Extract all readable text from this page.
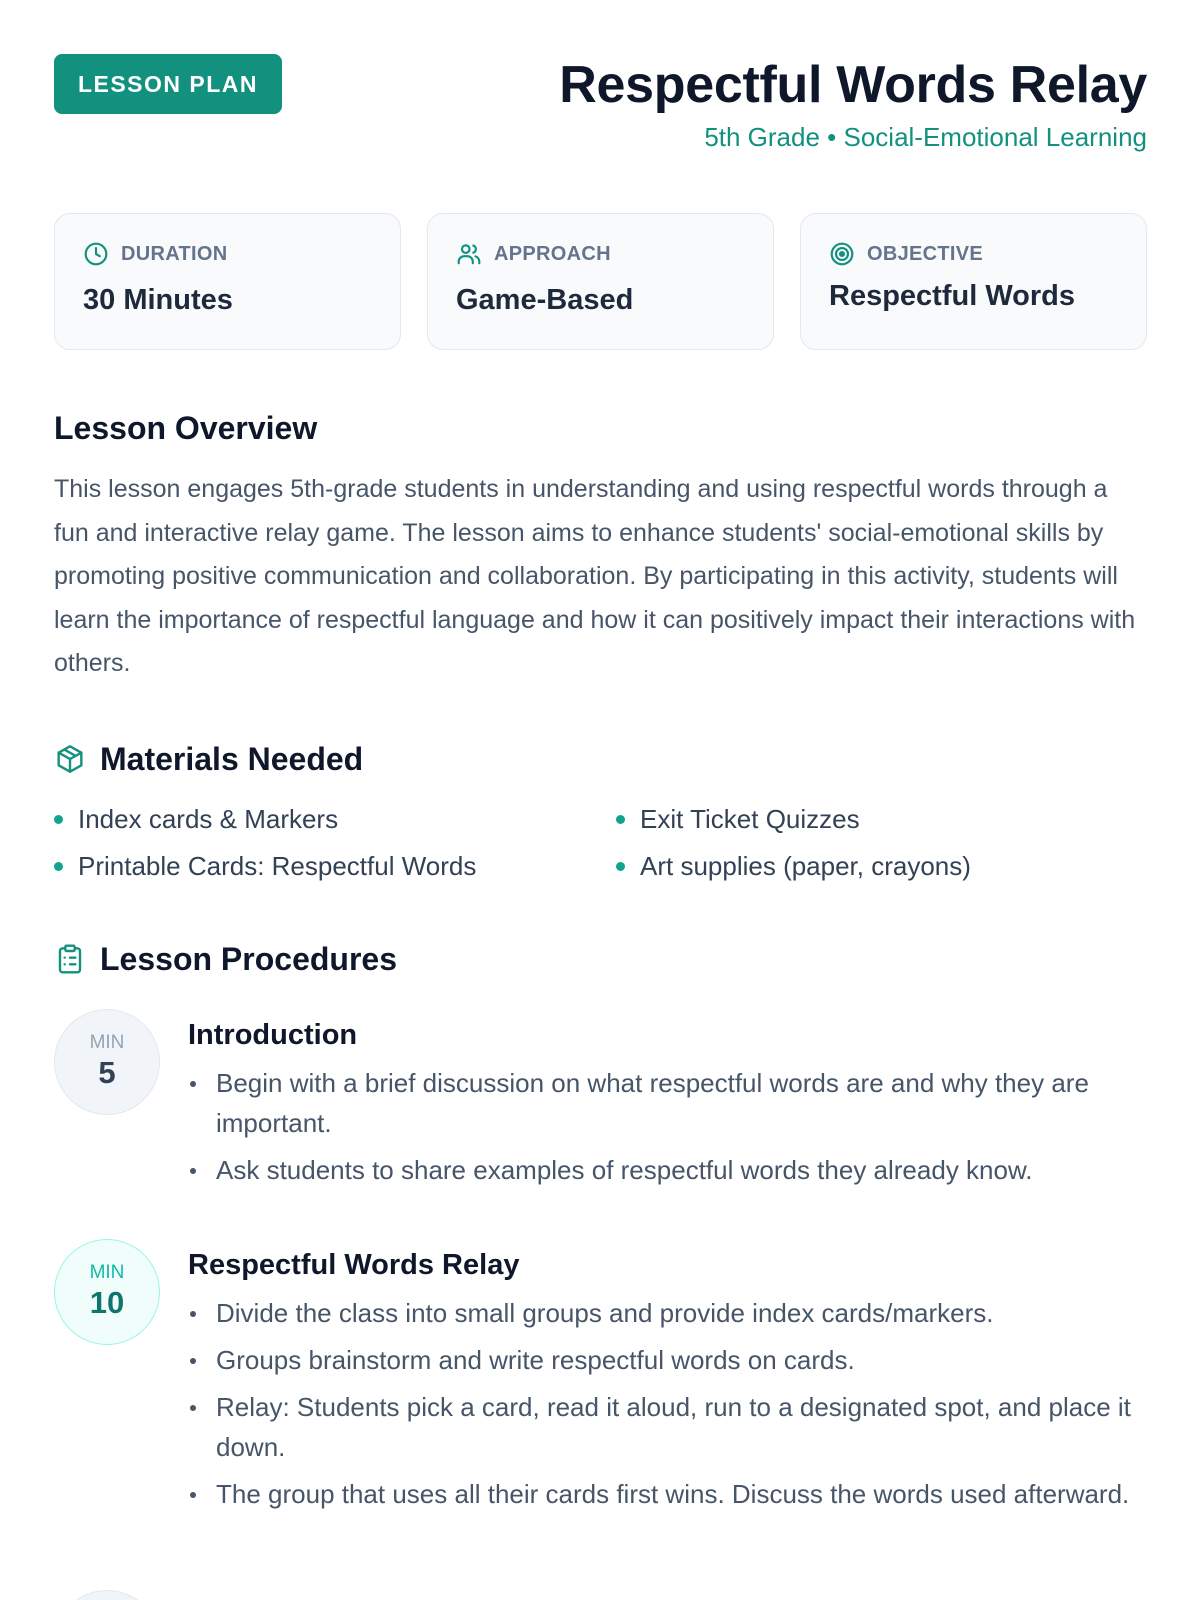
LESSON PLAN	Respectful Words Relay
5th Grade • Social-Emotional Learning
DURATION
30 Minutes
APPROACH
Game-Based
OBJECTIVE
Respectful Words
Lesson Overview

This lesson engages 5th-grade students in understanding and using respectful words through a fun and interactive relay game. The lesson aims to enhance students' social-emotional skills by promoting positive communication and collaboration. By participating in this activity, students will learn the importance of respectful language and how it can positively impact their interactions with others.

Materials Needed
Index cards & Markers	Exit Ticket Quizzes
Printable Cards: Respectful Words	Art supplies (paper, crayons)
Lesson Procedures
MIN
5
Introduction
Begin with a brief discussion on what respectful words are and why they are important.
Ask students to share examples of respectful words they already know.
MIN
10
Respectful Words Relay
Divide the class into small groups and provide index cards/markers.
Groups brainstorm and write respectful words on cards.
Relay: Students pick a card, read it aloud, run to a designated spot, and place it down.
The group that uses all their cards first wins. Discuss the words used afterward.
